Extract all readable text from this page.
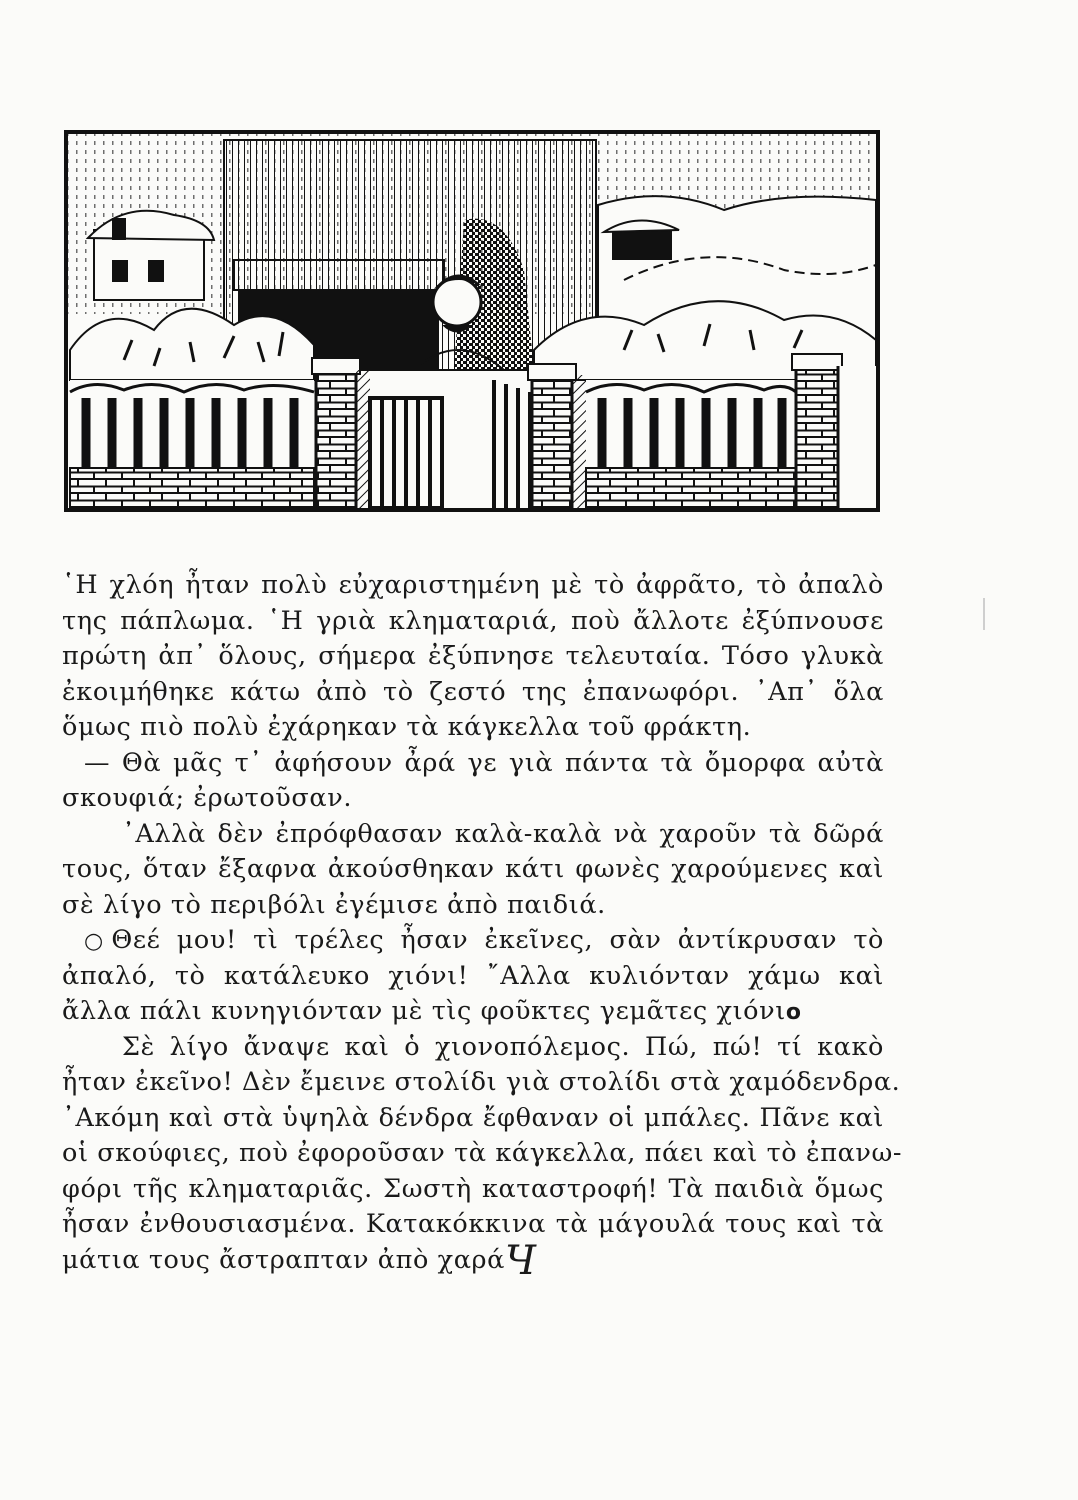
῾Η χλόη ἦταν πολὺ εὐχαριστημένη μὲ τὸ ἀφρᾶτο, τὸ ἀπαλὸ
της πάπλωμα. ῾Η γριὰ κληματαριά, ποὺ ἄλλοτε ἐξύπνουσε
πρώτη ἀπ᾽ ὅλους, σήμερα ἐξύπνησε τελευταία. Τόσο γλυκὰ
ἐκοιμήθηκε κάτω ἀπὸ τὸ ζεστό της ἐπανωφόρι. ᾽Απ᾽ ὅλα
ὅμως πιὸ πολὺ ἐχάρηκαν τὰ κάγκελλα τοῦ φράκτη.
— Θὰ μᾶς τ᾽ ἀφήσουν ἆρά γε γιὰ πάντα τὰ ὄμορφα αὐτὰ
σκουφιά; ἐρωτοῦσαν.
᾽Αλλὰ δὲν ἐπρόφθασαν καλὰ-καλὰ νὰ χαροῦν τὰ δῶρά
τους, ὅταν ἔξαφνα ἀκούσθηκαν κάτι φωνὲς χαρούμενες καὶ
σὲ λίγο τὸ περιβόλι ἐγέμισε ἀπὸ παιδιά.
○Θεέ μου! τὶ τρέλες ἦσαν ἐκεῖνες, σὰν ἀντίκρυσαν τὸ
ἀπαλό, τὸ κατάλευκο χιόνι! ῎Αλλα κυλιόνταν χάμω καὶ
ἄλλα πάλι κυνηγιόνταν μὲ τὶς φοῦκτες γεμᾶτες χιόνιo
Σὲ λίγο ἄναψε καὶ ὁ χιονοπόλεμος. Πώ, πώ! τί κακὸ
ἦταν ἐκεῖνο! Δὲν ἔμεινε στολίδι γιὰ στολίδι στὰ χαμόδενδρα.
᾽Ακόμη καὶ στὰ ὑψηλὰ δένδρα ἔφθαναν οἱ μπάλες. Πᾶνε καὶ
οἱ σκούφιες, ποὺ ἐφοροῦσαν τὰ κάγκελλα, πάει καὶ τὸ ἐπανω-
φόρι τῆς κληματαριᾶς. Σωστὴ καταστροφή! Τὰ παιδιὰ ὅμως
ἦσαν ἐνθουσιασμένα. Κατακόκκινα τὰ μάγουλά τους καὶ τὰ
μάτια τους ἄστραπταν ἀπὸ χαράЧ
